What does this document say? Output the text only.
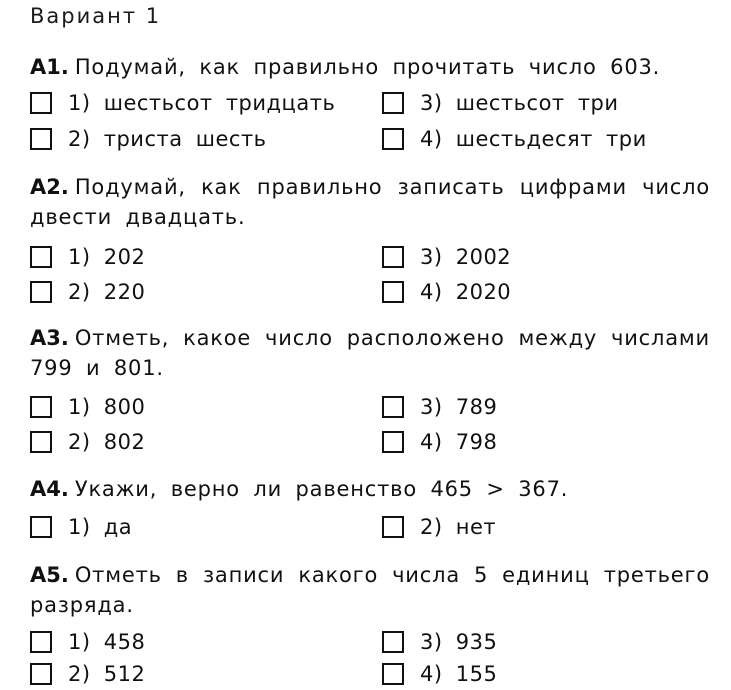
Вариант 1
А1. Подумай, как правильно прочитать число 603.
1) шестьсот тридцать
2) триста шесть
3) шестьсот три
4) шестьдесят три
А2. Подумай, как правильно записать цифрами число двести двадцать.
1) 202
2) 220
3) 2002
4) 2020
А3. Отметь, какое число расположено между числами 799 и 801.
1) 800
2) 802
3) 789
4) 798
А4. Укажи, верно ли равенство 465 > 367.
1) да	2) нет
А5. Отметь в записи какого числа 5 единиц третьего разряда.
1) 458
2) 512
3) 935
4) 155
